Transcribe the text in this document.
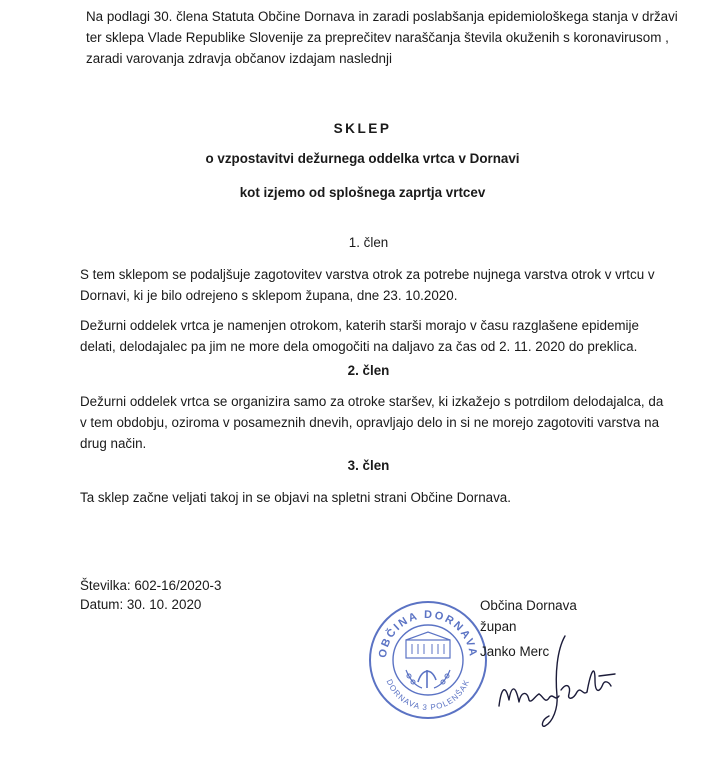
Na podlagi 30. člena Statuta Občine Dornava in zaradi poslabšanja epidemiološkega stanja v državi ter sklepa Vlade Republike Slovenije za preprečitev naraščanja števila okuženih s koronavirusom , zaradi varovanja zdravja občanov izdajam naslednji

SKLEP

o vzpostavitvi dežurnega oddelka vrtca v Dornavi

kot izjemo od splošnega zaprtja vrtcev

1. člen

S tem sklepom se podaljšuje zagotovitev varstva otrok za potrebe nujnega varstva otrok v vrtcu v Dornavi, ki je bilo odrejeno s sklepom župana, dne 23. 10.2020.

Dežurni oddelek vrtca je namenjen otrokom, katerih starši morajo v času razglašene epidemije delati, delodajalec pa jim ne more dela omogočiti na daljavo za čas od 2. 11. 2020 do preklica.

2. člen

Dežurni oddelek vrtca se organizira samo za otroke staršev, ki izkažejo s potrdilom delodajalca, da v tem obdobju, oziroma v posameznih dnevih, opravljajo delo in si ne morejo zagotoviti varstva na drug način.

3. člen

Ta sklep začne veljati takoj in se objavi na spletni strani Občine Dornava.

Številka: 602-16/2020-3

Datum: 30. 10. 2020

OBČINA DORNAVA
DORNAVA 3 POLENŠAK

Občina Dornava

župan

Janko Merc
